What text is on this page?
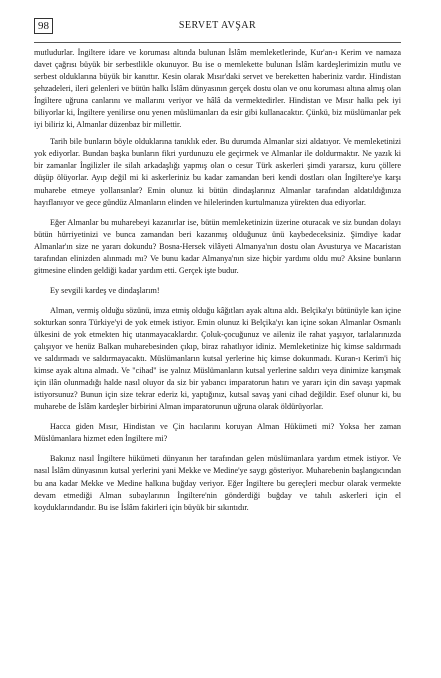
98	SERVET AVŞAR

mutludurlar. İngiltere idare ve koruması altında bulunan İslâm memleketlerinde, Kur'an-ı Kerim ve namaza davet çağrısı büyük bir serbestlikle okunuyor. Bu ise o memlekette bulunan İslâm kardeşlerimizin mutlu ve serbest olduklarına büyük bir kanıttır. Kesin olarak Mısır'daki servet ve bereketten haberiniz vardır. Hindistan şehzadeleri, ileri gelenleri ve bütün halkı İslâm dünyasının gerçek dostu olan ve onu koruması altına almış olan İngiltere uğruna canlarını ve mallarını veriyor ve hâlâ da vermektedirler. Hindistan ve Mısır halkı pek iyi biliyorlar ki, İngiltere yenilirse onu yenen müslümanları da esir gibi kullanacaktır. Çünkü, biz müslümanlar pek iyi biliriz ki, Almanlar düzenbaz bir millettir.

Tarih bile bunların böyle olduklarına tanıklık eder. Bu durumda Almanlar sizi aldatıyor. Ve memleketinizi yok ediyorlar. Bundan başka bunların fikri yurdunuzu ele geçirmek ve Almanlar ile doldurmaktır. Ne yazık ki bir zamanlar İngilizler ile silah arkadaşlığı yapmış olan o cesur Türk askerleri şimdi yararsız, kuru çöllere düşüp ölüyorlar. Ayıp değil mi ki askerleriniz bu kadar zamandan beri kendi dostları olan İngiltere'ye karşı muharebe etmeye yollansınlar? Emin olunuz ki bütün dindaşlarınız Almanlar tarafından aldatıldığınıza hayıflanıyor ve gece gündüz Almanların elinden ve hilelerinden kurtulmanıza yürekten dua ediyorlar.

Eğer Almanlar bu muharebeyi kazanırlar ise, bütün memleketinizin üzerine oturacak ve siz bundan dolayı bütün hürriyetinizi ve bunca zamandan beri kazanmış olduğunuz ünü kaybedeceksiniz. Şimdiye kadar Almanlar'ın size ne yararı dokundu? Bosna-Hersek vilâyeti Almanya'nın dostu olan Avusturya ve Macaristan tarafından elinizden alınmadı mı? Ve bunu kadar Almanya'nın size hiçbir yardımı oldu mu? Aksine bunların gitmesine elinden geldiği kadar yardım etti. Gerçek işte budur.

Ey sevgili kardeş ve dindaşlarım!

Alman, vermiş olduğu sözünü, imza etmiş olduğu kâğıtları ayak altına aldı. Belçika'yı bütünüyle kan içine sokturkan sonra Türkiye'yi de yok etmek istiyor. Emin olunuz ki Belçika'yı kan içine sokan Almanlar Osmanlı ülkesini de yok etmekten hiç utanmayacaklardır. Çoluk-çocuğunuz ve aileniz ile rahat yaşıyor, tarlalarınızda çalışıyor ve henüz Balkan muharebesinden çıkıp, biraz rahatlıyor idiniz. Memleketinize hiç kimse saldırmadı ve saldırmadı ve saldırmayacaktı. Müslümanların kutsal yerlerine hiç kimse dokunmadı. Kuran-ı Kerim'i hiç kimse ayak altına almadı. Ve "cihad" ise yalnız Müslümanların kutsal yerlerine saldırı veya dinimize karışmak için ilân olunmadığı halde nasıl oluyor da siz bir yabancı imparatorun hatırı ve yararı için din savaşı yapmak istiyorsunuz? Bunun için size tekrar ederiz ki, yaptığınız, kutsal savaş yani cihad değildir. Esef olunur ki, bu muharebe de İslâm kardeşler birbirini Alman imparatorunun uğruna olarak öldürüyorlar.

Hacca giden Mısır, Hindistan ve Çin hacılarını koruyan Alman Hükümeti mi? Yoksa her zaman Müslümanlara hizmet eden İngiltere mi?

Bakınız nasıl İngiltere hükümeti dünyanın her tarafından gelen müslümanlara yardım etmek istiyor. Ve nasıl İslâm dünyasının kutsal yerlerini yani Mekke ve Medine'ye saygı gösteriyor. Muharebenin başlangıcından bu ana kadar Mekke ve Medine halkına buğday veriyor. Eğer İngiltere bu gereçleri mecbur olarak vermekte devam etmediği Alman subaylarının İngiltere'nin gönderdiği buğday ve tahılı askerleri için el koyduklarındandır. Bu ise İslâm fakirleri için büyük bir sıkıntıdır.
